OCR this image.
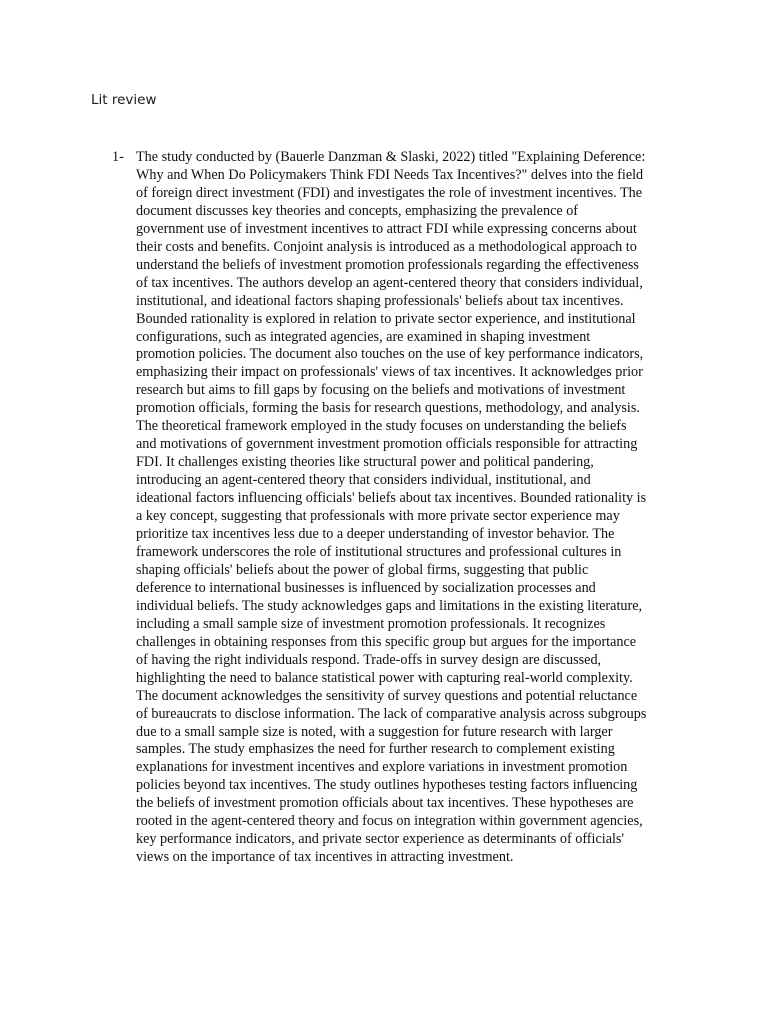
Lit review
1- The study conducted by (Bauerle Danzman & Slaski, 2022) titled "Explaining Deference:
Why and When Do Policymakers Think FDI Needs Tax Incentives?" delves into the field
of foreign direct investment (FDI) and investigates the role of investment incentives. The
document discusses key theories and concepts, emphasizing the prevalence of
government use of investment incentives to attract FDI while expressing concerns about
their costs and benefits. Conjoint analysis is introduced as a methodological approach to
understand the beliefs of investment promotion professionals regarding the effectiveness
of tax incentives. The authors develop an agent-centered theory that considers individual,
institutional, and ideational factors shaping professionals' beliefs about tax incentives.
Bounded rationality is explored in relation to private sector experience, and institutional
configurations, such as integrated agencies, are examined in shaping investment
promotion policies. The document also touches on the use of key performance indicators,
emphasizing their impact on professionals' views of tax incentives. It acknowledges prior
research but aims to fill gaps by focusing on the beliefs and motivations of investment
promotion officials, forming the basis for research questions, methodology, and analysis.
The theoretical framework employed in the study focuses on understanding the beliefs
and motivations of government investment promotion officials responsible for attracting
FDI. It challenges existing theories like structural power and political pandering,
introducing an agent-centered theory that considers individual, institutional, and
ideational factors influencing officials' beliefs about tax incentives. Bounded rationality is
a key concept, suggesting that professionals with more private sector experience may
prioritize tax incentives less due to a deeper understanding of investor behavior. The
framework underscores the role of institutional structures and professional cultures in
shaping officials' beliefs about the power of global firms, suggesting that public
deference to international businesses is influenced by socialization processes and
individual beliefs. The study acknowledges gaps and limitations in the existing literature,
including a small sample size of investment promotion professionals. It recognizes
challenges in obtaining responses from this specific group but argues for the importance
of having the right individuals respond. Trade-offs in survey design are discussed,
highlighting the need to balance statistical power with capturing real-world complexity.
The document acknowledges the sensitivity of survey questions and potential reluctance
of bureaucrats to disclose information. The lack of comparative analysis across subgroups
due to a small sample size is noted, with a suggestion for future research with larger
samples. The study emphasizes the need for further research to complement existing
explanations for investment incentives and explore variations in investment promotion
policies beyond tax incentives. The study outlines hypotheses testing factors influencing
the beliefs of investment promotion officials about tax incentives. These hypotheses are
rooted in the agent-centered theory and focus on integration within government agencies,
key performance indicators, and private sector experience as determinants of officials'
views on the importance of tax incentives in attracting investment.
